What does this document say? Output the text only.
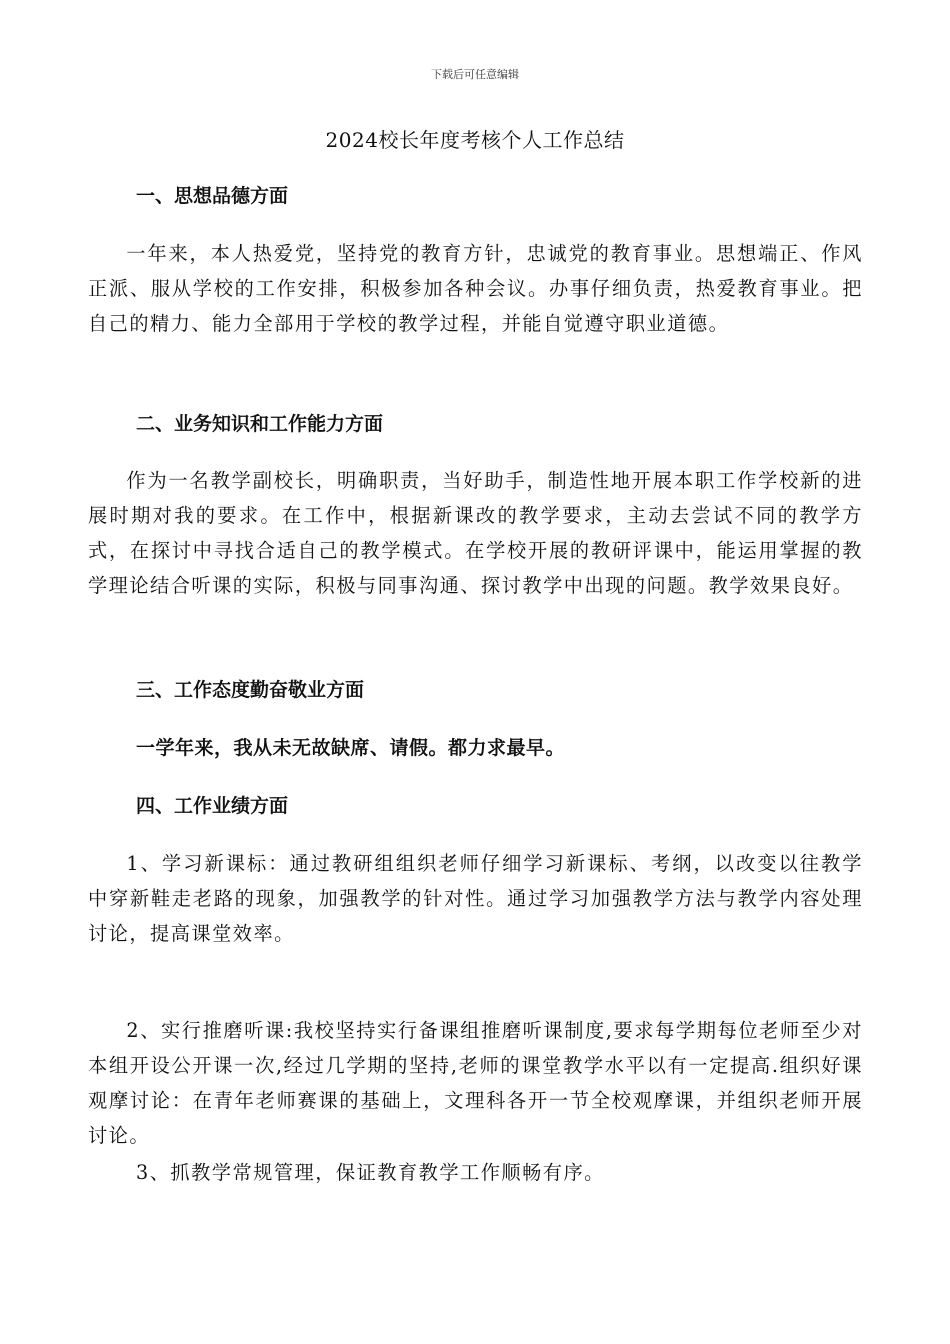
下载后可任意编辑
2024校长年度考核个人工作总结
一、思想品德方面
一年来，本人热爱党，坚持党的教育方针，忠诚党的教育事业。思想端正、作风正派、服从学校的工作安排，积极参加各种会议。办事仔细负责，热爱教育事业。把自己的精力、能力全部用于学校的教学过程，并能自觉遵守职业道德。
二、业务知识和工作能力方面
作为一名教学副校长，明确职责，当好助手，制造性地开展本职工作学校新的进展时期对我的要求。在工作中，根据新课改的教学要求，主动去尝试不同的教学方式，在探讨中寻找合适自己的教学模式。在学校开展的教研评课中，能运用掌握的教学理论结合听课的实际，积极与同事沟通、探讨教学中出现的问题。教学效果良好。
三、工作态度勤奋敬业方面
一学年来，我从未无故缺席、请假。都力求最早。
四、工作业绩方面
1、学习新课标：通过教研组组织老师仔细学习新课标、考纲，以改变以往教学中穿新鞋走老路的现象，加强教学的针对性。通过学习加强教学方法与教学内容处理讨论，提高课堂效率。
2、实行推磨听课:我校坚持实行备课组推磨听课制度,要求每学期每位老师至少对本组开设公开课一次,经过几学期的坚持,老师的课堂教学水平以有一定提高.组织好课观摩讨论：在青年老师赛课的基础上，文理科各开一节全校观摩课，并组织老师开展讨论。
3、抓教学常规管理，保证教育教学工作顺畅有序。
